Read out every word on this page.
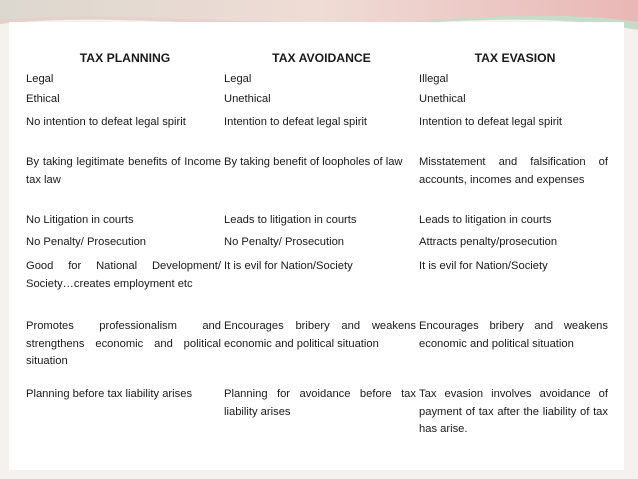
TAX PLANNING	TAX AVOIDANCE	TAX EVASION
Legal	Legal	Illegal
Ethical	Unethical	Unethical
No intention to defeat legal spirit	Intention to defeat legal spirit	Intention to defeat legal spirit
By taking legitimate benefits of Income tax law	By taking benefit of loopholes of law	Misstatement and falsification of accounts, incomes and expenses
No Litigation in courts	Leads to litigation in courts	Leads to litigation in courts
No Penalty/ Prosecution	No Penalty/ Prosecution	Attracts penalty/prosecution
Good for National Development/ Society…creates employment etc	It is evil for Nation/Society	It is evil for Nation/Society
Promotes professionalism and strengthens economic and political situation	Encourages bribery and weakens economic and political situation	Encourages bribery and weakens economic and political situation
Planning before tax liability arises	Planning for avoidance before tax liability arises	Tax evasion involves avoidance of payment of tax after the liability of tax has arise.
